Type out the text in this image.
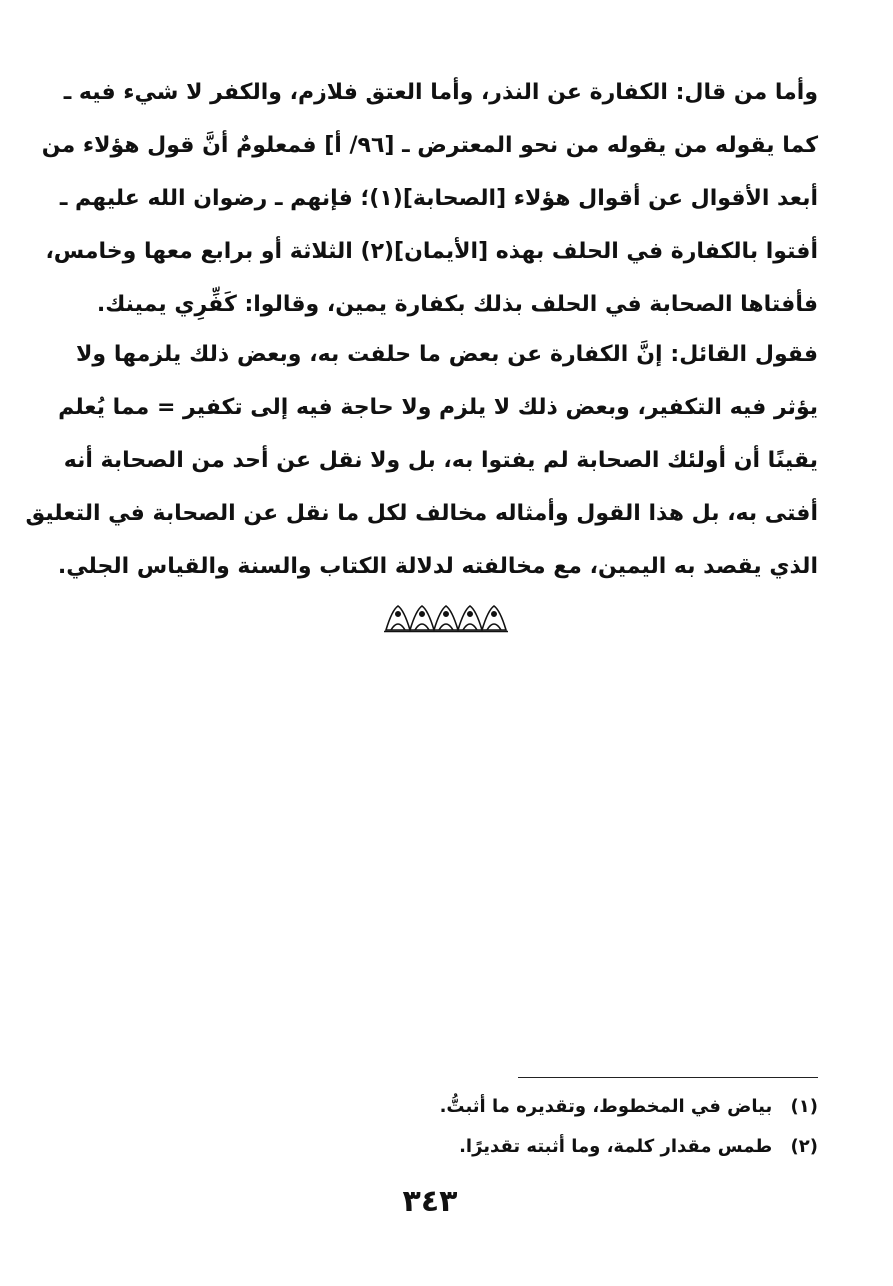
وأما من قال: الكفارة عن النذر، وأما العتق فلازم، والكفر لا شيء فيه ـ
كما يقوله من يقوله من نحو المعترض ـ [٩٦/ أ] فمعلومٌ أنَّ قول هؤلاء من
أبعد الأقوال عن أقوال هؤلاء [الصحابة](١)؛ فإنهم ـ رضوان الله عليهم ـ
أفتوا بالكفارة في الحلف بهذه [الأيمان](٢) الثلاثة أو برابع معها وخامس،
فأفتاها الصحابة في الحلف بذلك بكفارة يمين، وقالوا: كَفِّرِي يمينك.
فقول القائل: إنَّ الكفارة عن بعض ما حلفت به، وبعض ذلك يلزمها ولا
يؤثر فيه التكفير، وبعض ذلك لا يلزم ولا حاجة فيه إلى تكفير = مما يُعلم
يقينًا أن أولئك الصحابة لم يفتوا به، بل ولا نقل عن أحد من الصحابة أنه
أفتى به، بل هذا القول وأمثاله مخالف لكل ما نقل عن الصحابة في التعليق
الذي يقصد به اليمين، مع مخالفته لدلالة الكتاب والسنة والقياس الجلي.
(١) بياض في المخطوط، وتقديره ما أثبتُّ.
(٢) طمس مقدار كلمة، وما أثبته تقديرًا.
٣٤٣
